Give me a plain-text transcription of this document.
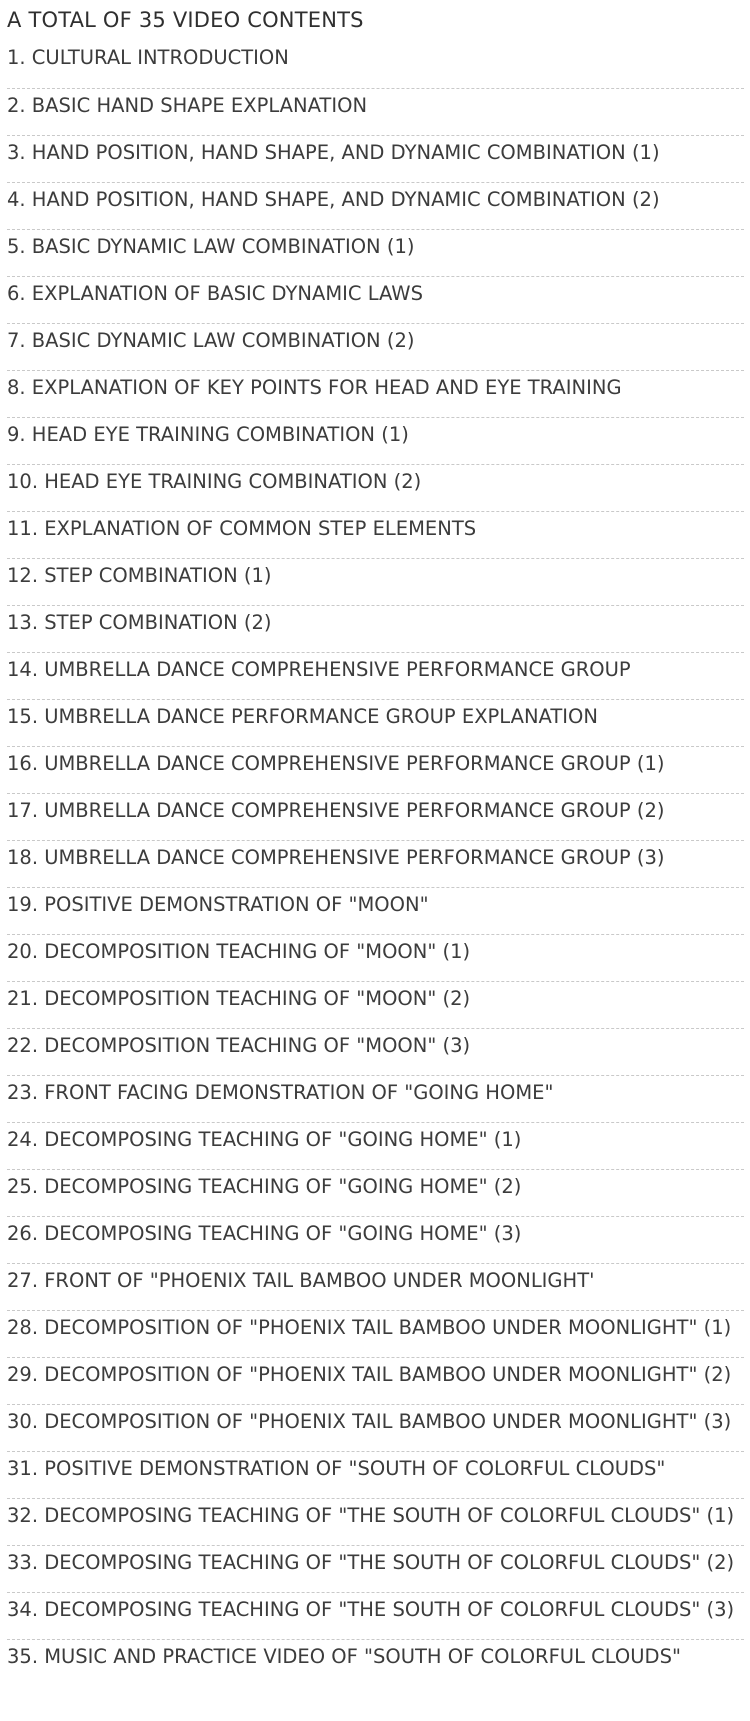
A TOTAL OF 35 VIDEO CONTENTS
1. CULTURAL INTRODUCTION
2. BASIC HAND SHAPE EXPLANATION
3. HAND POSITION, HAND SHAPE, AND DYNAMIC COMBINATION (1)
4. HAND POSITION, HAND SHAPE, AND DYNAMIC COMBINATION (2)
5. BASIC DYNAMIC LAW COMBINATION (1)
6. EXPLANATION OF BASIC DYNAMIC LAWS
7. BASIC DYNAMIC LAW COMBINATION (2)
8. EXPLANATION OF KEY POINTS FOR HEAD AND EYE TRAINING
9. HEAD EYE TRAINING COMBINATION (1)
10. HEAD EYE TRAINING COMBINATION (2)
11. EXPLANATION OF COMMON STEP ELEMENTS
12. STEP COMBINATION (1)
13. STEP COMBINATION (2)
14. UMBRELLA DANCE COMPREHENSIVE PERFORMANCE GROUP
15. UMBRELLA DANCE PERFORMANCE GROUP EXPLANATION
16. UMBRELLA DANCE COMPREHENSIVE PERFORMANCE GROUP (1)
17. UMBRELLA DANCE COMPREHENSIVE PERFORMANCE GROUP (2)
18. UMBRELLA DANCE COMPREHENSIVE PERFORMANCE GROUP (3)
19. POSITIVE DEMONSTRATION OF "MOON"
20. DECOMPOSITION TEACHING OF "MOON" (1)
21. DECOMPOSITION TEACHING OF "MOON" (2)
22. DECOMPOSITION TEACHING OF "MOON" (3)
23. FRONT FACING DEMONSTRATION OF "GOING HOME"
24. DECOMPOSING TEACHING OF "GOING HOME" (1)
25. DECOMPOSING TEACHING OF "GOING HOME" (2)
26. DECOMPOSING TEACHING OF "GOING HOME" (3)
27. FRONT OF "PHOENIX TAIL BAMBOO UNDER MOONLIGHT'
28. DECOMPOSITION OF "PHOENIX TAIL BAMBOO UNDER MOONLIGHT" (1)
29. DECOMPOSITION OF "PHOENIX TAIL BAMBOO UNDER MOONLIGHT" (2)
30. DECOMPOSITION OF "PHOENIX TAIL BAMBOO UNDER MOONLIGHT" (3)
31. POSITIVE DEMONSTRATION OF "SOUTH OF COLORFUL CLOUDS"
32. DECOMPOSING TEACHING OF "THE SOUTH OF COLORFUL CLOUDS" (1)
33. DECOMPOSING TEACHING OF "THE SOUTH OF COLORFUL CLOUDS" (2)
34. DECOMPOSING TEACHING OF "THE SOUTH OF COLORFUL CLOUDS" (3)
35. MUSIC AND PRACTICE VIDEO OF "SOUTH OF COLORFUL CLOUDS"
